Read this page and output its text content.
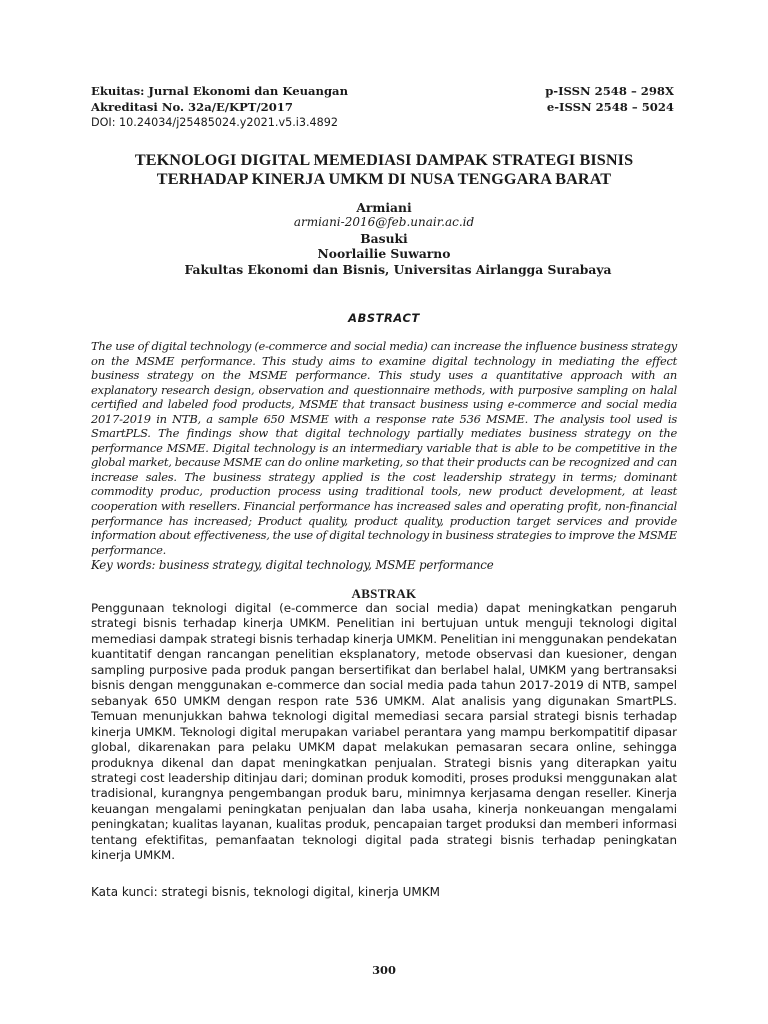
Ekuitas: Jurnal Ekonomi dan Keuangan	p-ISSN 2548 – 298X
Akreditasi No. 32a/E/KPT/2017	e-ISSN 2548 – 5024
DOI: 10.24034/j25485024.y2021.v5.i3.4892
TEKNOLOGI DIGITAL MEMEDIASI DAMPAK STRATEGI BISNIS
TERHADAP KINERJA UMKM DI NUSA TENGGARA BARAT
Armiani
armiani-2016@feb.unair.ac.id
Basuki
Noorlailie Suwarno
Fakultas Ekonomi dan Bisnis, Universitas Airlangga Surabaya
ABSTRACT

The use of digital technology (e-commerce and social media) can increase the influence business strategy on the MSME performance. This study aims to examine digital technology in mediating the effect business strategy on the MSME performance. This study uses a quantitative approach with an explanatory research design, observation and questionnaire methods, with purposive sampling on halal certified and labeled food products, MSME that transact business using e-commerce and social media 2017-2019 in NTB, a sample 650 MSME with a response rate 536 MSME. The analysis tool used is SmartPLS. The findings show that digital technology partially mediates business strategy on the performance MSME. Digital technology is an intermediary variable that is able to be competitive in the global market, because MSME can do online marketing, so that their products can be recognized and can increase sales. The business strategy applied is the cost leadership strategy in terms; dominant commodity produc, production process using traditional tools, new product development, at least cooperation with resellers. Financial performance has increased sales and operating profit, non-financial performance has increased; Product quality, product quality, production target services and provide information about effectiveness, the use of digital technology in business strategies to improve the MSME performance.

Key words: business strategy, digital technology, MSME performance
ABSTRAK

Penggunaan teknologi digital (e-commerce dan social media) dapat meningkatkan pengaruh strategi bisnis terhadap kinerja UMKM. Penelitian ini bertujuan untuk menguji teknologi digital memediasi dampak strategi bisnis terhadap kinerja UMKM. Penelitian ini menggunakan pendekatan kuantitatif dengan rancangan penelitian eksplanatory, metode observasi dan kuesioner, dengan sampling purposive pada produk pangan bersertifikat dan berlabel halal, UMKM yang bertransaksi bisnis dengan menggunakan e-commerce dan social media pada tahun 2017-2019 di NTB, sampel sebanyak 650 UMKM dengan respon rate 536 UMKM. Alat analisis yang digunakan SmartPLS. Temuan menunjukkan bahwa teknologi digital memediasi secara parsial strategi bisnis terhadap kinerja UMKM. Teknologi digital merupakan variabel perantara yang mampu berkompatitif dipasar global, dikarenakan para pelaku UMKM dapat melakukan pemasaran secara online, sehingga produknya dikenal dan dapat meningkatkan penjualan. Strategi bisnis yang diterapkan yaitu strategi cost leadership ditinjau dari; dominan produk komoditi, proses produksi menggunakan alat tradisional, kurangnya pengembangan produk baru, minimnya kerjasama dengan reseller. Kinerja keuangan mengalami peningkatan penjualan dan laba usaha, kinerja nonkeuangan mengalami peningkatan; kualitas layanan, kualitas produk, pencapaian target produksi dan memberi informasi tentang efektifitas, pemanfaatan teknologi digital pada strategi bisnis terhadap peningkatan kinerja UMKM.

Kata kunci: strategi bisnis, teknologi digital, kinerja UMKM
300
